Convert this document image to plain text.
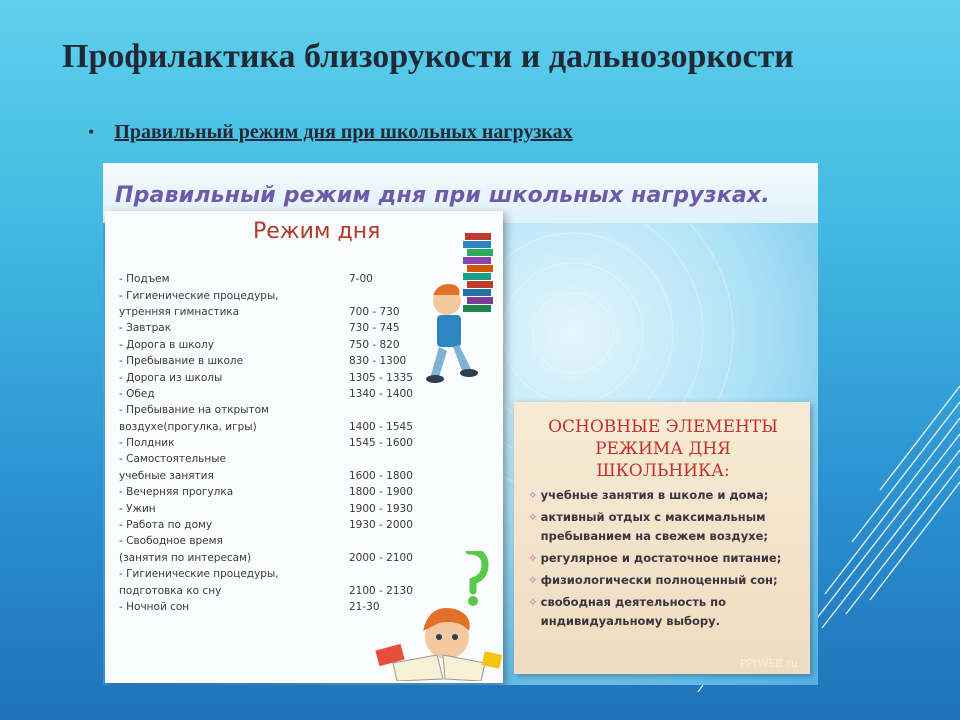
Профилактика близорукости и дальнозоркости
• Правильный режим дня при школьных нагрузках
Правильный режим дня при школьных нагрузках.
Режим дня
- Подъем	7-00
- Гигиенические процедуры,
утренняя гимнастика	700 - 730
- Завтрак	730 - 745
- Дорога в школу	750 - 820
- Пребывание в школе	830 - 1300
- Дорога из школы	1305 - 1335
- Обед	1340 - 1400
- Пребывание на открытом
воздухе(прогулка, игры)	1400 - 1545
- Полдник	1545 - 1600
- Самостоятельные
учебные занятия	1600 - 1800
- Вечерняя прогулка	1800 - 1900
- Ужин	1900 - 1930
- Работа по дому	1930 - 2000
- Свободное время
(занятия по интересам)	2000 - 2100
- Гигиенические процедуры,
подготовка ко сну	2100 - 2130
- Ночной сон	21-30
ОСНОВНЫЕ ЭЛЕМЕНТЫ
РЕЖИМА ДНЯ ШКОЛЬНИКА:
✧ учебные занятия в школе и дома;
✧ активный отдых с максимальным пребыванием на свежем воздухе;
✧ регулярное и достаточное питание;
✧ физиологически полноценный сон;
✧ свободная деятельность по индивидуальному выбору.
PPtWEB.ru
